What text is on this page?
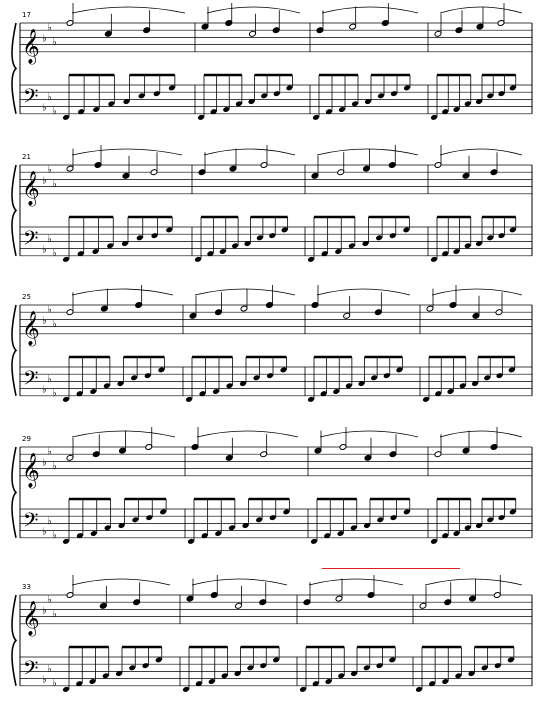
17
𝄞
𝄢
♭
♭
♭
♭
♭
♭
21
𝄞
𝄢
♭
♭
♭
♭
♭
♭
25
𝄞
𝄢
♭
♭
♭
♭
♭
♭
29
𝄞
𝄢
♭
♭
♭
♭
♭
♭
33
𝄞
𝄢
♭
♭
♭
♭
♭
♭
